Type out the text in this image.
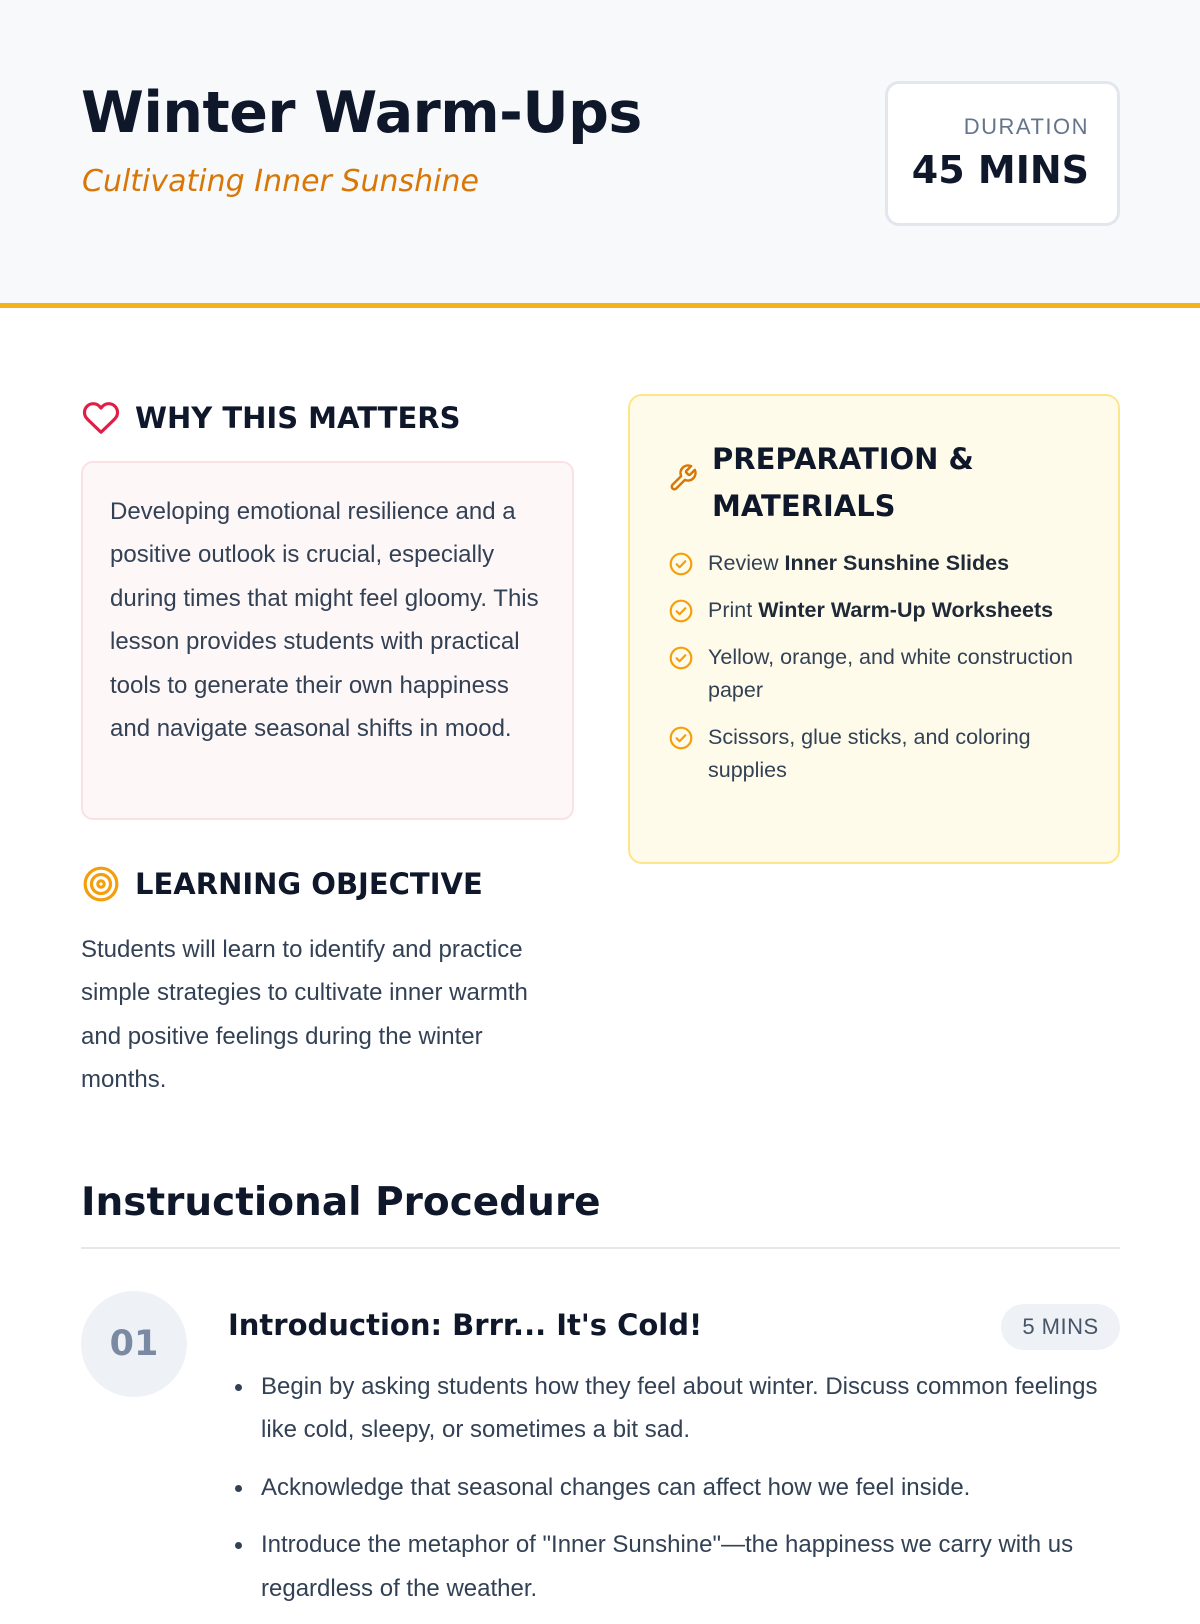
Winter Warm-Ups
Cultivating Inner Sunshine
DURATION
45 MINS
WHY THIS MATTERS

Developing emotional resilience and a positive outlook is crucial, especially during times that might feel gloomy. This lesson provides students with practical tools to generate their own happiness and navigate seasonal shifts in mood.

LEARNING OBJECTIVE

Students will learn to identify and practice simple strategies to cultivate inner warmth and positive feelings during the winter months.

PREPARATION & MATERIALS
Review Inner Sunshine Slides
Print Winter Warm-Up Worksheets
Yellow, orange, and white construction paper
Scissors, glue sticks, and coloring supplies
Instructional Procedure
01	Introduction: Brrr... It's Cold!	5 MINS
Begin by asking students how they feel about winter. Discuss common feelings like cold, sleepy, or sometimes a bit sad.
Acknowledge that seasonal changes can affect how we feel inside.
Introduce the metaphor of "Inner Sunshine"—the happiness we carry with us regardless of the weather.
